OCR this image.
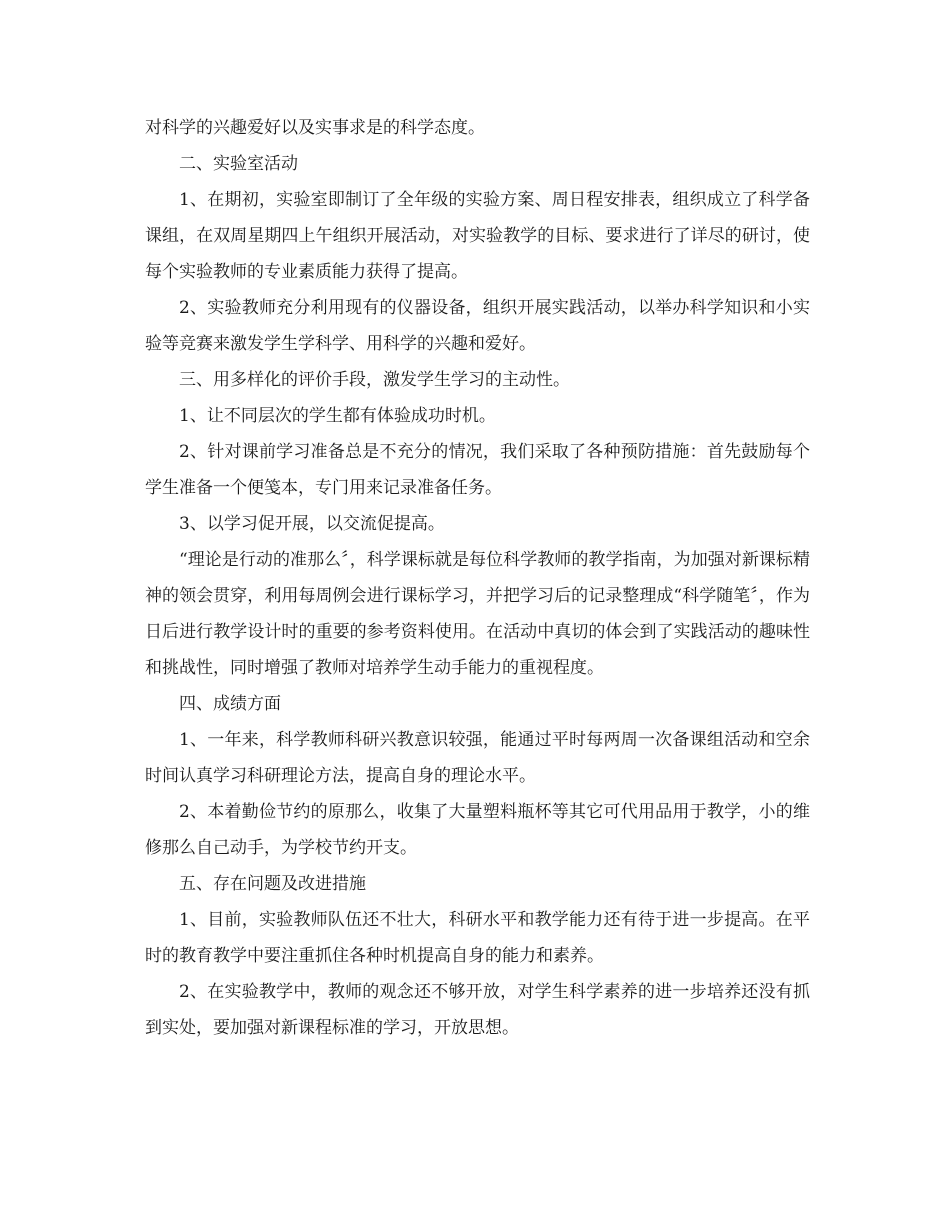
对科学的兴趣爱好以及实事求是的科学态度。

二、实验室活动

1、在期初，实验室即制订了全年级的实验方案、周日程安排表，组织成立了科学备课组，在双周星期四上午组织开展活动，对实验教学的目标、要求进行了详尽的研讨，使每个实验教师的专业素质能力获得了提高。

2、实验教师充分利用现有的仪器设备，组织开展实践活动，以举办科学知识和小实验等竞赛来激发学生学科学、用科学的兴趣和爱好。

三、用多样化的评价手段，激发学生学习的主动性。

1、让不同层次的学生都有体验成功时机。

2、针对课前学习准备总是不充分的情况，我们采取了各种预防措施：首先鼓励每个学生准备一个便笺本，专门用来记录准备任务。

3、以学习促开展，以交流促提高。

“理论是行动的准那么〞，科学课标就是每位科学教师的教学指南，为加强对新课标精神的领会贯穿，利用每周例会进行课标学习，并把学习后的记录整理成“科学随笔〞，作为日后进行教学设计时的重要的参考资料使用。在活动中真切的体会到了实践活动的趣味性和挑战性，同时增强了教师对培养学生动手能力的重视程度。

四、成绩方面

1、一年来，科学教师科研兴教意识较强，能通过平时每两周一次备课组活动和空余时间认真学习科研理论方法，提高自身的理论水平。

2、本着勤俭节约的原那么，收集了大量塑料瓶杯等其它可代用品用于教学，小的维修那么自己动手，为学校节约开支。

五、存在问题及改进措施

1、目前，实验教师队伍还不壮大，科研水平和教学能力还有待于进一步提高。在平时的教育教学中要注重抓住各种时机提高自身的能力和素养。

2、在实验教学中，教师的观念还不够开放，对学生科学素养的进一步培养还没有抓到实处，要加强对新课程标准的学习，开放思想。
